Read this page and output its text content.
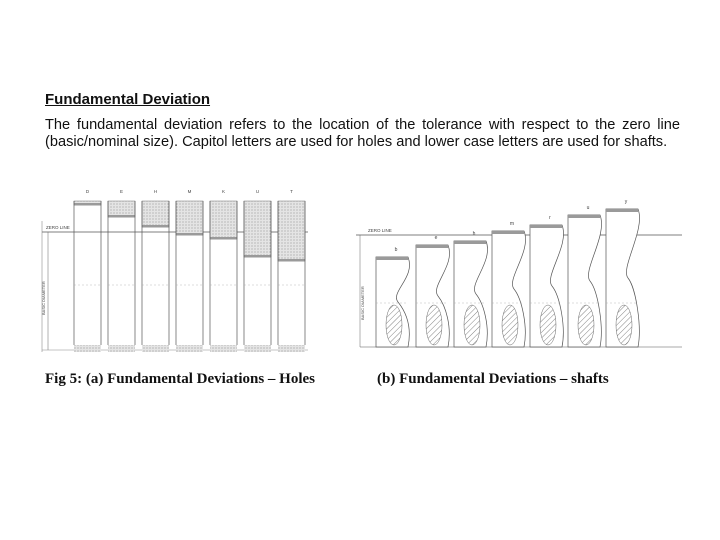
Fundamental Deviation
The fundamental deviation refers to the location of the tolerance with respect to the zero line (basic/nominal size). Capitol letters are used for holes and lower case letters are used for shafts.
ZERO LINE
BASIC DIAMETER
D	E	H	M	K	U	T
ZERO LINE
BASIC DIAMETER
b
e
h
m
r
u
y
Fig 5: (a) Fundamental Deviations – Holes	(b) Fundamental Deviations – shafts
